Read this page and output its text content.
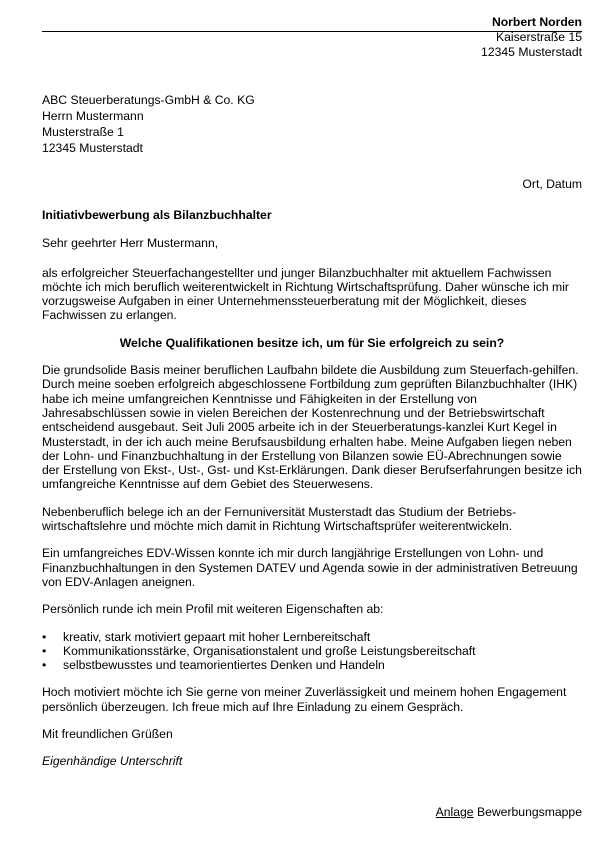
Norbert Norden
Kaiserstraße 15
12345 Musterstadt
ABC Steuerberatungs-GmbH & Co. KG
Herrn Mustermann
Musterstraße 1
12345 Musterstadt
Ort, Datum

Initiativbewerbung als Bilanzbuchhalter

Sehr geehrter Herr Mustermann,

als erfolgreicher Steuerfachangestellter und junger Bilanzbuchhalter mit aktuellem Fachwissen möchte ich mich beruflich weiterentwickelt in Richtung Wirtschaftsprüfung. Daher wünsche ich mir vorzugsweise Aufgaben in einer Unternehmenssteuerberatung mit der Möglichkeit, dieses Fachwissen zu erlangen.

Welche Qualifikationen besitze ich, um für Sie erfolgreich zu sein?

Die grundsolide Basis meiner beruflichen Laufbahn bildete die Ausbildung zum Steuerfach-gehilfen. Durch meine soeben erfolgreich abgeschlossene Fortbildung zum geprüften Bilanzbuchhalter (IHK) habe ich meine umfangreichen Kenntnisse und Fähigkeiten in der Erstellung von Jahresabschlüssen sowie in vielen Bereichen der Kostenrechnung und der Betriebswirtschaft entscheidend ausgebaut. Seit Juli 2005 arbeite ich in der Steuerberatungs-kanzlei Kurt Kegel in Musterstadt, in der ich auch meine Berufsausbildung erhalten habe. Meine Aufgaben liegen neben der Lohn- und Finanzbuchhaltung in der Erstellung von Bilanzen sowie EÜ-Abrechnungen sowie der Erstellung von Ekst-, Ust-, Gst- und Kst-Erklärungen. Dank dieser Berufserfahrungen besitze ich umfangreiche Kenntnisse auf dem Gebiet des Steuerwesens.

Nebenberuflich belege ich an der Fernuniversität Musterstadt das Studium der Betriebs-wirtschaftslehre und möchte mich damit in Richtung Wirtschaftsprüfer weiterentwickeln.

Ein umfangreiches EDV-Wissen konnte ich mir durch langjährige Erstellungen von Lohn- und Finanzbuchhaltungen in den Systemen DATEV und Agenda sowie in der administrativen Betreuung von EDV-Anlagen aneignen.

Persönlich runde ich mein Profil mit weiteren Eigenschaften ab:

• kreativ, stark motiviert gepaart mit hoher Lernbereitschaft
• Kommunikationsstärke, Organisationstalent und große Leistungsbereitschaft
• selbstbewusstes und teamorientiertes Denken und Handeln

Hoch motiviert möchte ich Sie gerne von meiner Zuverlässigkeit und meinem hohen Engagement persönlich überzeugen. Ich freue mich auf Ihre Einladung zu einem Gespräch.

Mit freundlichen Grüßen

Eigenhändige Unterschrift

Anlage Bewerbungsmappe
